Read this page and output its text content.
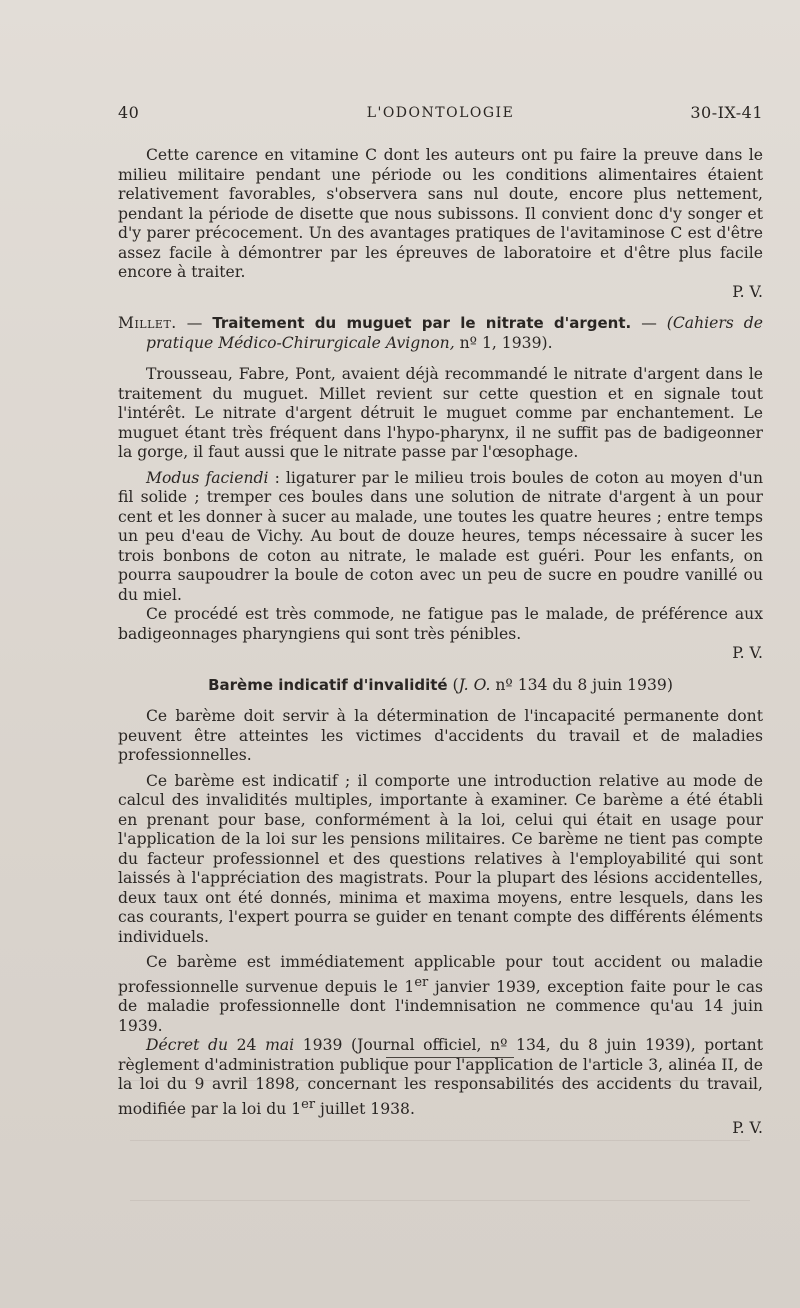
40	L'ODONTOLOGIE	30-IX-41

Cette carence en vitamine C dont les auteurs ont pu faire la preuve dans le milieu militaire pendant une période ou les conditions alimentaires étaient relativement favorables, s'observera sans nul doute, encore plus nettement, pendant la période de disette que nous subissons. Il convient donc d'y songer et d'y parer précocement. Un des avantages pratiques de l'avitaminose C est d'être assez facile à démontrer par les épreuves de laboratoire et d'être plus facile encore à traiter.

P. V.

Millet. — Traitement du muguet par le nitrate d'argent. — (Cahiers de pratique Médico-Chirurgicale Avignon, nº 1, 1939).

Trousseau, Fabre, Pont, avaient déjà recommandé le nitrate d'argent dans le traitement du muguet. Millet revient sur cette question et en signale tout l'intérêt. Le nitrate d'argent détruit le muguet comme par enchantement. Le muguet étant très fréquent dans l'hypo-pharynx, il ne suffit pas de badigeonner la gorge, il faut aussi que le nitrate passe par l'œsophage.

Modus faciendi : ligaturer par le milieu trois boules de coton au moyen d'un fil solide ; tremper ces boules dans une solution de nitrate d'argent à un pour cent et les donner à sucer au malade, une toutes les quatre heures ; entre temps un peu d'eau de Vichy. Au bout de douze heures, temps nécessaire à sucer les trois bonbons de coton au nitrate, le malade est guéri. Pour les enfants, on pourra saupoudrer la boule de coton avec un peu de sucre en poudre vanillé ou du miel.

Ce procédé est très commode, ne fatigue pas le malade, de préférence aux badigeonnages pharyngiens qui sont très pénibles.

P. V.

Barème indicatif d'invalidité (J. O. nº 134 du 8 juin 1939)

Ce barème doit servir à la détermination de l'incapacité permanente dont peuvent être atteintes les victimes d'accidents du travail et de maladies professionnelles.

Ce barème est indicatif ; il comporte une introduction relative au mode de calcul des invalidités multiples, importante à examiner. Ce barème a été établi en prenant pour base, conformément à la loi, celui qui était en usage pour l'application de la loi sur les pensions militaires. Ce barème ne tient pas compte du facteur professionnel et des questions relatives à l'employabilité qui sont laissés à l'appréciation des magistrats. Pour la plupart des lésions accidentelles, deux taux ont été donnés, minima et maxima moyens, entre lesquels, dans les cas courants, l'expert pourra se guider en tenant compte des différents éléments individuels.

Ce barème est immédiatement applicable pour tout accident ou maladie professionnelle survenue depuis le 1er janvier 1939, exception faite pour le cas de maladie professionnelle dont l'indemnisation ne commence qu'au 14 juin 1939.

Décret du 24 mai 1939 (Journal officiel, nº 134, du 8 juin 1939), portant règlement d'administration publique pour l'application de l'article 3, alinéa II, de la loi du 9 avril 1898, concernant les responsabilités des accidents du travail, modifiée par la loi du 1er juillet 1938.

P. V.
